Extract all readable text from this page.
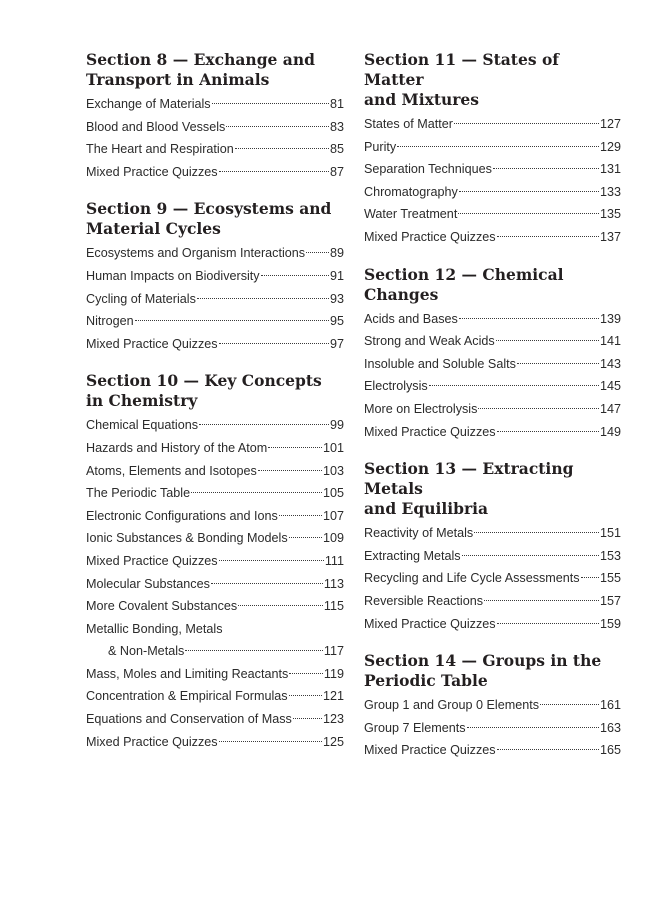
Section 8 — Exchange and
Transport in Animals
Exchange of Materials	81
Blood and Blood Vessels	83
The Heart and Respiration	85
Mixed Practice Quizzes	87
Section 9 — Ecosystems and
Material Cycles
Ecosystems and Organism Interactions 89
Human Impacts on Biodiversity	91
Cycling of Materials	93
Nitrogen	95
Mixed Practice Quizzes	97
Section 10 — Key Concepts
in Chemistry
Chemical Equations	99
Hazards and History of the Atom	101
Atoms, Elements and Isotopes	103
The Periodic Table	105
Electronic Configurations and Ions	107
Ionic Substances & Bonding Models	109
Mixed Practice Quizzes	111
Molecular Substances	113
More Covalent Substances	115
Metallic Bonding, Metals
& Non-Metals	117
Mass, Moles and Limiting Reactants	119
Concentration & Empirical Formulas	121
Equations and Conservation of Mass 123
Mixed Practice Quizzes	125
Section 11 — States of Matter
and Mixtures
States of Matter	127
Purity	129
Separation Techniques	131
Chromatography	133
Water Treatment	135
Mixed Practice Quizzes	137
Section 12 — Chemical
Changes
Acids and Bases	139
Strong and Weak Acids	141
Insoluble and Soluble Salts	143
Electrolysis	145
More on Electrolysis	147
Mixed Practice Quizzes	149
Section 13 — Extracting Metals
and Equilibria
Reactivity of Metals	151
Extracting Metals	153
Recycling and Life Cycle Assessments 155
Reversible Reactions	157
Mixed Practice Quizzes	159
Section 14 — Groups in the
Periodic Table
Group 1 and Group 0 Elements	161
Group 7 Elements	163
Mixed Practice Quizzes	165
